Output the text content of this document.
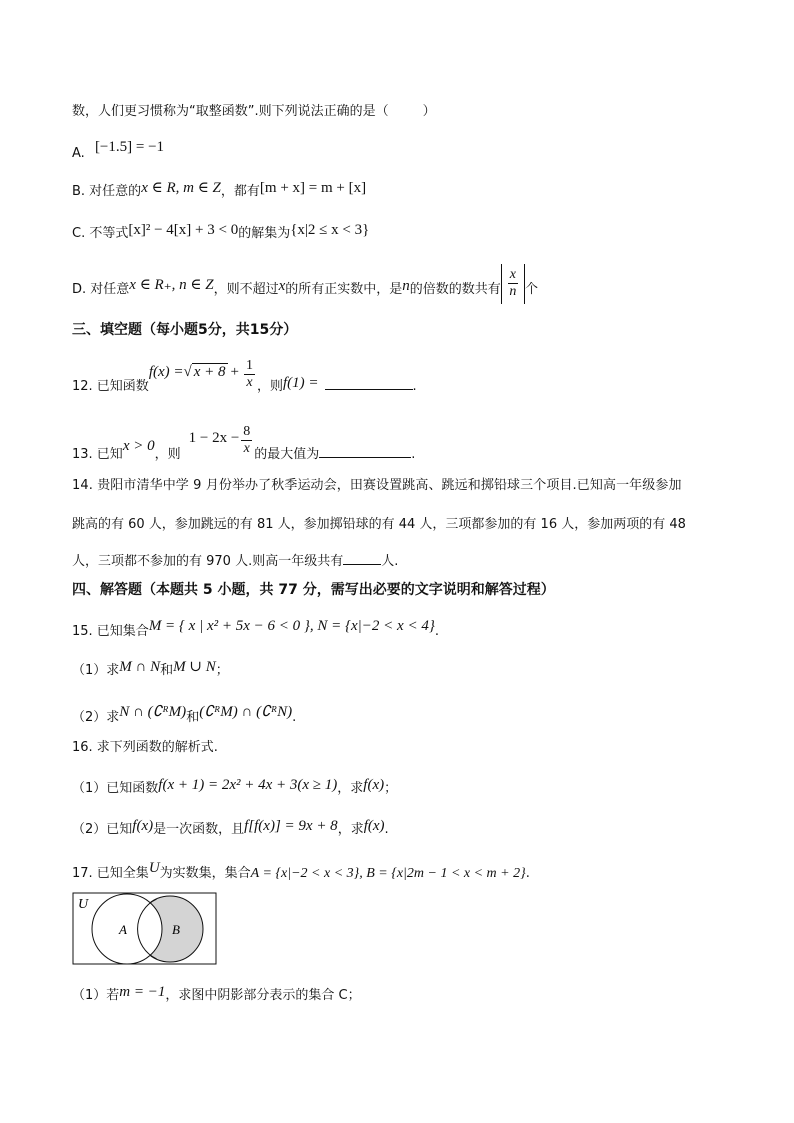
数，人们更习惯称为“取整函数”.则下列说法正确的是（	）
A. [−1.5] = −1
B. 对任意的x ∈ R, m ∈ Z，都有[m + x] = m + [x]
C. 不等式[x]² − 4[x] + 3 < 0的解集为{x|2 ≤ x < 3}
D. 对任意x ∈ R₊, n ∈ Z，则不超过x的所有正实数中，是n的倍数的数共有 $\frac{x}{n}$ 个
三、填空题（每小题5分，共15分）
12. 已知函数f(x) =√ $x + 8 + \frac{1}{x}$ ，则f(1) =	.
13. 已知x > 0，则$1 - 2x - \frac{8}{x}$ 的最大值为	.
14. 贵阳市清华中学 9 月份举办了秋季运动会，田赛设置跳高、跳远和掷铅球三个项目.已知高一年级参加
跳高的有 60 人，参加跳远的有 81 人，参加掷铅球的有 44 人，三项都参加的有 16 人，参加两项的有 48
人，三项都不参加的有 970 人.则高一年级共有	人.
四、解答题（本题共 5 小题，共 77 分，需写出必要的文字说明和解答过程）
15. 已知集合M = { x | x² + 5x − 6 < 0 }, N = {x|−2 < x < 4}.
（1）求M ∩ N和M ∪ N；
（2）求N ∩ (∁ᴿM)和(∁ᴿM) ∩ (∁ᴿN).
16. 求下列函数的解析式.
（1）已知函数f(x + 1) = 2x² + 4x + 3(x ≥ 1)，求f(x)；
（2）已知f(x)是一次函数，且f[f(x)] = 9x + 8，求f(x).
17. 已知全集U为实数集，集合A = {x|−2 < x < 3}, B = {x|2m − 1 < x < m + 2}.
U
A	B
（1）若m = −1，求图中阴影部分表示的集合 C；
